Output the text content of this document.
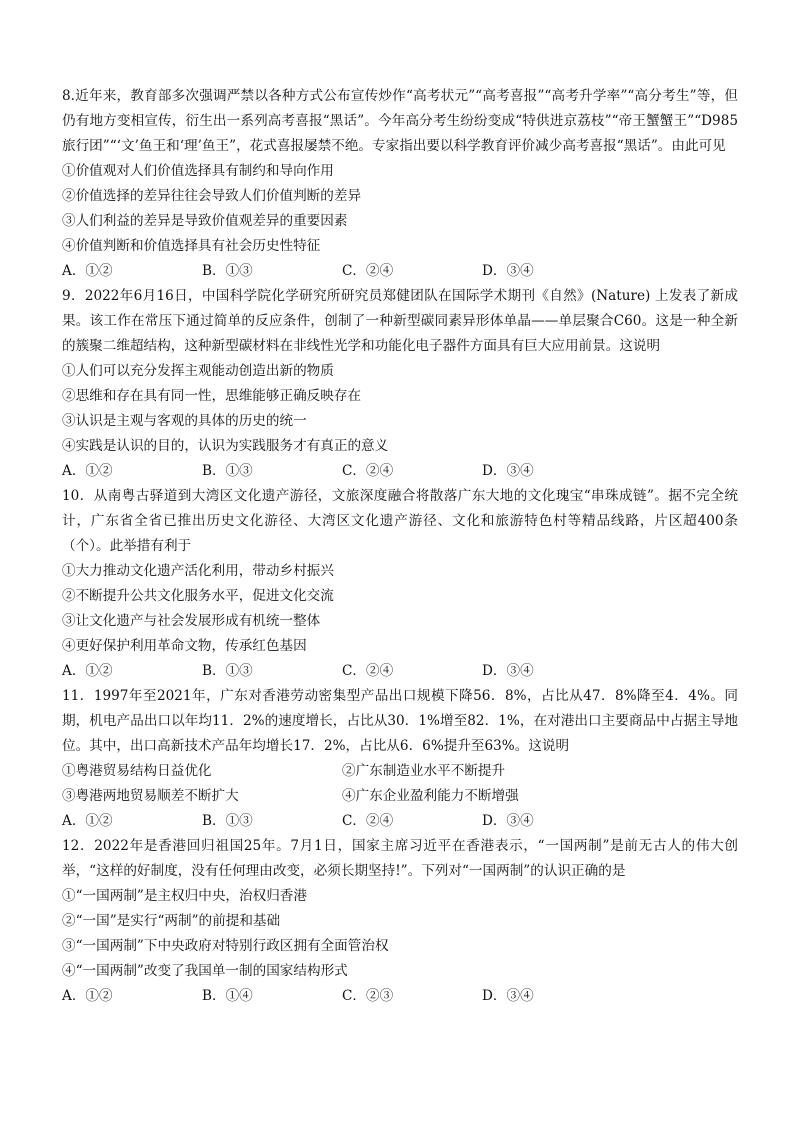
8.近年来，教育部多次强调严禁以各种方式公布宣传炒作“高考状元”“高考喜报”“高考升学率”“高分考生”等，但仍有地方变相宣传，衍生出一系列高考喜报“黑话”。今年高分考生纷纷变成“特供进京荔枝”“帝王蟹蟹王”“D985旅行团”“‘文’鱼王和‘理’鱼王”，花式喜报屡禁不绝。专家指出要以科学教育评价减少高考喜报“黑话”。由此可见

①价值观对人们价值选择具有制约和导向作用

②价值选择的差异往往会导致人们价值判断的差异

③人们利益的差异是导致价值观差异的重要因素

④价值判断和价值选择具有社会历史性特征

A．①②	B．①③	C．②④	D．③④

9．2022年6月16日，中国科学院化学研究所研究员郑健团队在国际学术期刊《自然》(Nature) 上发表了新成果。该工作在常压下通过简单的反应条件，创制了一种新型碳同素异形体单晶——单层聚合C60。这是一种全新的簇聚二维超结构，这种新型碳材料在非线性光学和功能化电子器件方面具有巨大应用前景。这说明

①人们可以充分发挥主观能动创造出新的物质

②思维和存在具有同一性，思维能够正确反映存在

③认识是主观与客观的具体的历史的统一

④实践是认识的目的，认识为实践服务才有真正的意义

A．①②	B．①③	C．②④	D．③④

10．从南粤古驿道到大湾区文化遗产游径，文旅深度融合将散落广东大地的文化瑰宝“串珠成链”。据不完全统计，广东省全省已推出历史文化游径、大湾区文化遗产游径、文化和旅游特色村等精品线路，片区超400条（个）。此举措有利于

①大力推动文化遗产活化利用，带动乡村振兴

②不断提升公共文化服务水平，促进文化交流

③让文化遗产与社会发展形成有机统一整体

④更好保护利用革命文物，传承红色基因

A．①②	B．①③	C．②④	D．③④

11．1997年至2021年，广东对香港劳动密集型产品出口规模下降56．8%，占比从47．8%降至4．4%。同期，机电产品出口以年均11．2%的速度增长，占比从30．1%增至82．1%，在对港出口主要商品中占据主导地位。其中，出口高新技术产品年均增长17．2%，占比从6．6%提升至63%。这说明

①粤港贸易结构日益优化	②广东制造业水平不断提升
③粤港两地贸易顺差不断扩大	④广东企业盈利能力不断增强
A．①②	B．①③	C．②④	D．③④

12．2022年是香港回归祖国25年。7月1日，国家主席习近平在香港表示，“一国两制”是前无古人的伟大创举，“这样的好制度，没有任何理由改变，必须长期坚持!”。下列对“一国两制”的认识正确的是

①“一国两制”是主权归中央，治权归香港

②“一国”是实行“两制”的前提和基础

③“一国两制”下中央政府对特别行政区拥有全面管治权

④“一国两制”改变了我国单一制的国家结构形式

A．①②	B．①④	C．②③	D．③④
